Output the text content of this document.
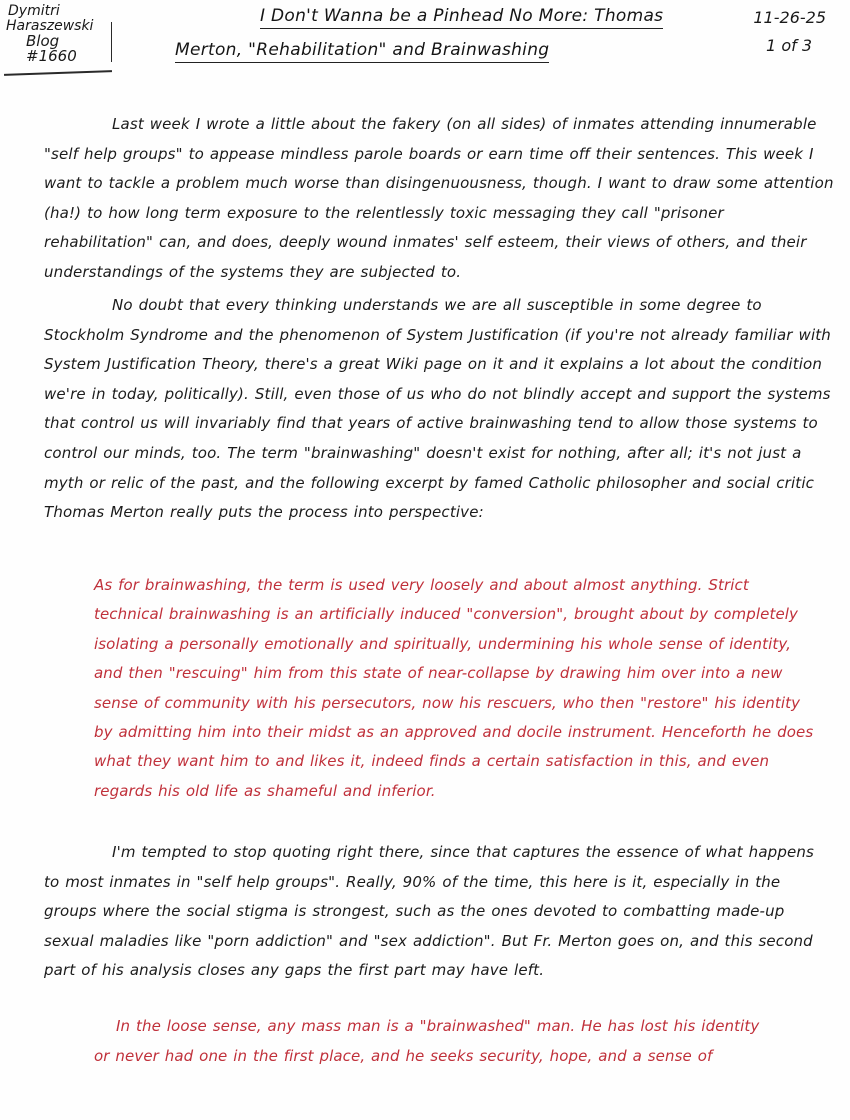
Dymitri
Haraszewski
Blog #1660
I Don't Wanna be a Pinhead No More: Thomas
Merton, "Rehabilitation" and Brainwashing
11-26-25
1 of 3
Last week I wrote a little about the fakery (on all sides) of inmates attending innumerable "self help groups" to appease mindless parole boards or earn time off their sentences. This week I want to tackle a problem much worse than disingenuousness, though. I want to draw some attention (ha!) to how long term exposure to the relentlessly toxic messaging they call "prisoner rehabilitation" can, and does, deeply wound inmates' self esteem, their views of others, and their understandings of the systems they are subjected to.
No doubt that every thinking understands we are all susceptible in some degree to Stockholm Syndrome and the phenomenon of System Justification (if you're not already familiar with System Justification Theory, there's a great Wiki page on it and it explains a lot about the condition we're in today, politically). Still, even those of us who do not blindly accept and support the systems that control us will invariably find that years of active brainwashing tend to allow those systems to control our minds, too. The term "brainwashing" doesn't exist for nothing, after all; it's not just a myth or relic of the past, and the following excerpt by famed Catholic philosopher and social critic Thomas Merton really puts the process into perspective:
As for brainwashing, the term is used very loosely and about almost anything. Strict technical brainwashing is an artificially induced "conversion", brought about by completely isolating a personally emotionally and spiritually, undermining his whole sense of identity, and then "rescuing" him from this state of near-collapse by drawing him over into a new sense of community with his persecutors, now his rescuers, who then "restore" his identity by admitting him into their midst as an approved and docile instrument. Henceforth he does what they want him to and likes it, indeed finds a certain satisfaction in this, and even regards his old life as shameful and inferior.
I'm tempted to stop quoting right there, since that captures the essence of what happens to most inmates in "self help groups". Really, 90% of the time, this here is it, especially in the groups where the social stigma is strongest, such as the ones devoted to combatting made-up sexual maladies like "porn addiction" and "sex addiction". But Fr. Merton goes on, and this second part of his analysis closes any gaps the first part may have left.
In the loose sense, any mass man is a "brainwashed" man. He has lost his identity
or never had one in the first place, and he seeks security, hope, and a sense of
